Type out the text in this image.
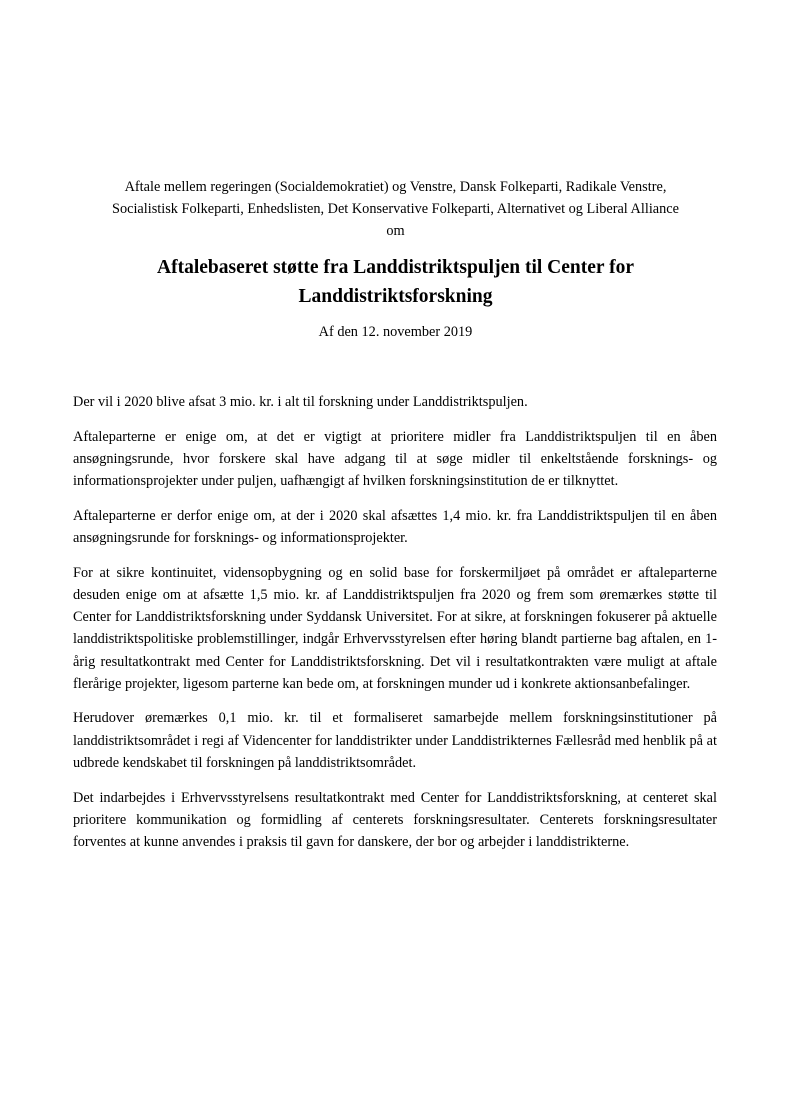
Aftale mellem regeringen (Socialdemokratiet) og Venstre, Dansk Folkeparti, Radikale Venstre,

Socialistisk Folkeparti, Enhedslisten, Det Konservative Folkeparti, Alternativet og Liberal Alliance

om

Aftalebaseret støtte fra Landdistriktspuljen til Center for Landdistriktsforskning

Af den 12. november 2019

Der vil i 2020 blive afsat 3 mio. kr. i alt til forskning under Landdistriktspuljen.

Aftaleparterne er enige om, at det er vigtigt at prioritere midler fra Landdistriktspuljen til en åben ansøgningsrunde, hvor forskere skal have adgang til at søge midler til enkeltstående forsknings- og informationsprojekter under puljen, uafhængigt af hvilken forskningsinstitution de er tilknyttet.

Aftaleparterne er derfor enige om, at der i 2020 skal afsættes 1,4 mio. kr. fra Landdistriktspuljen til en åben ansøgningsrunde for forsknings- og informationsprojekter.

For at sikre kontinuitet, vidensopbygning og en solid base for forskermiljøet på området er aftaleparterne desuden enige om at afsætte 1,5 mio. kr. af Landdistriktspuljen fra 2020 og frem som øremærkes støtte til Center for Landdistriktsforskning under Syddansk Universitet. For at sikre, at forskningen fokuserer på aktuelle landdistriktspolitiske problemstillinger, indgår Erhvervsstyrelsen efter høring blandt partierne bag aftalen, en 1-årig resultatkontrakt med Center for Landdistriktsforskning. Det vil i resultatkontrakten være muligt at aftale flerårige projekter, ligesom parterne kan bede om, at forskningen munder ud i konkrete aktionsanbefalinger.

Herudover øremærkes 0,1 mio. kr. til et formaliseret samarbejde mellem forskningsinstitutioner på landdistriktsområdet i regi af Videncenter for landdistrikter under Landdistrikternes Fællesråd med henblik på at udbrede kendskabet til forskningen på landdistriktsområdet.

Det indarbejdes i Erhvervsstyrelsens resultatkontrakt med Center for Landdistriktsforskning, at centeret skal prioritere kommunikation og formidling af centerets forskningsresultater. Centerets forskningsresultater forventes at kunne anvendes i praksis til gavn for danskere, der bor og arbejder i landdistrikterne.
